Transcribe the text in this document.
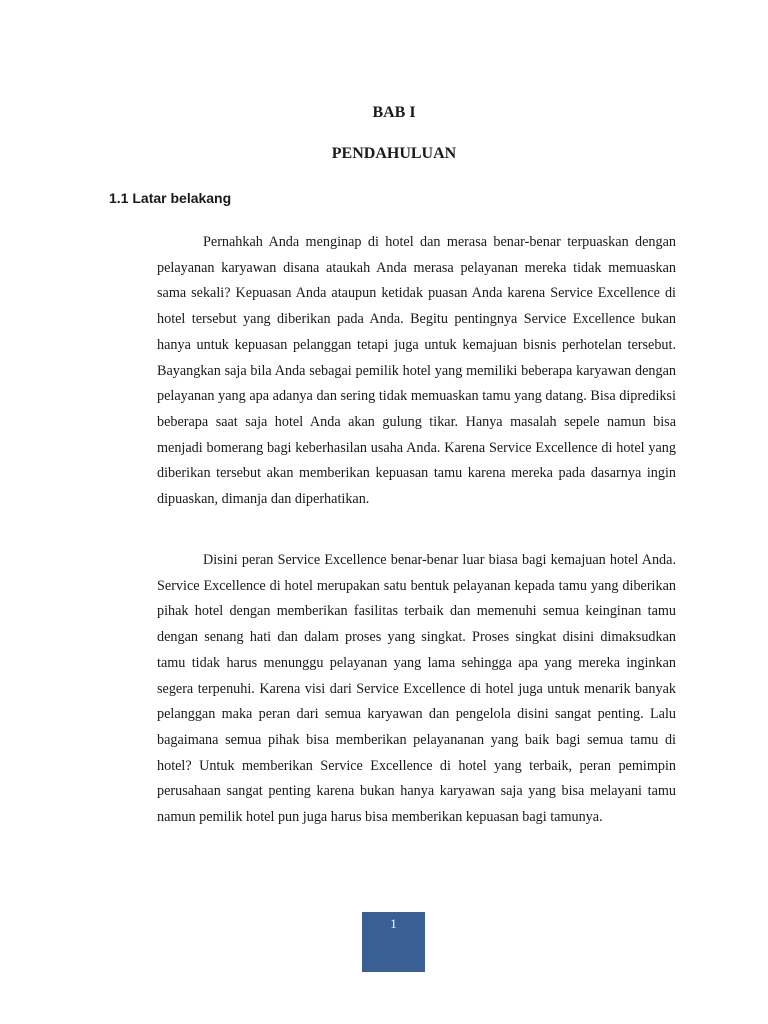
BAB I
PENDAHULUAN
1.1 Latar belakang

Pernahkah Anda menginap di hotel dan merasa benar-benar terpuaskan dengan pelayanan karyawan disana ataukah Anda merasa pelayanan mereka tidak memuaskan sama sekali? Kepuasan Anda ataupun ketidak puasan Anda karena Service Excellence di hotel tersebut yang diberikan pada Anda. Begitu pentingnya Service Excellence bukan hanya untuk kepuasan pelanggan tetapi juga untuk kemajuan bisnis perhotelan tersebut. Bayangkan saja bila Anda sebagai pemilik hotel yang memiliki beberapa karyawan dengan pelayanan yang apa adanya dan sering tidak memuaskan tamu yang datang. Bisa diprediksi beberapa saat saja hotel Anda akan gulung tikar. Hanya masalah sepele namun bisa menjadi bomerang bagi keberhasilan usaha Anda. Karena Service Excellence di hotel yang diberikan tersebut akan memberikan kepuasan tamu karena mereka pada dasarnya ingin dipuaskan, dimanja dan diperhatikan.

Disini peran Service Excellence benar-benar luar biasa bagi kemajuan hotel Anda. Service Excellence di hotel merupakan satu bentuk pelayanan kepada tamu yang diberikan pihak hotel dengan memberikan fasilitas terbaik dan memenuhi semua keinginan tamu dengan senang hati dan dalam proses yang singkat. Proses singkat disini dimaksudkan tamu tidak harus menunggu pelayanan yang lama sehingga apa yang mereka inginkan segera terpenuhi. Karena visi dari Service Excellence di hotel juga untuk menarik banyak pelanggan maka peran dari semua karyawan dan pengelola disini sangat penting. Lalu bagaimana semua pihak bisa memberikan pelayananan yang baik bagi semua tamu di hotel? Untuk memberikan Service Excellence di hotel yang terbaik, peran pemimpin perusahaan sangat penting karena bukan hanya karyawan saja yang bisa melayani tamu namun pemilik hotel pun juga harus bisa memberikan kepuasan bagi tamunya.

1
